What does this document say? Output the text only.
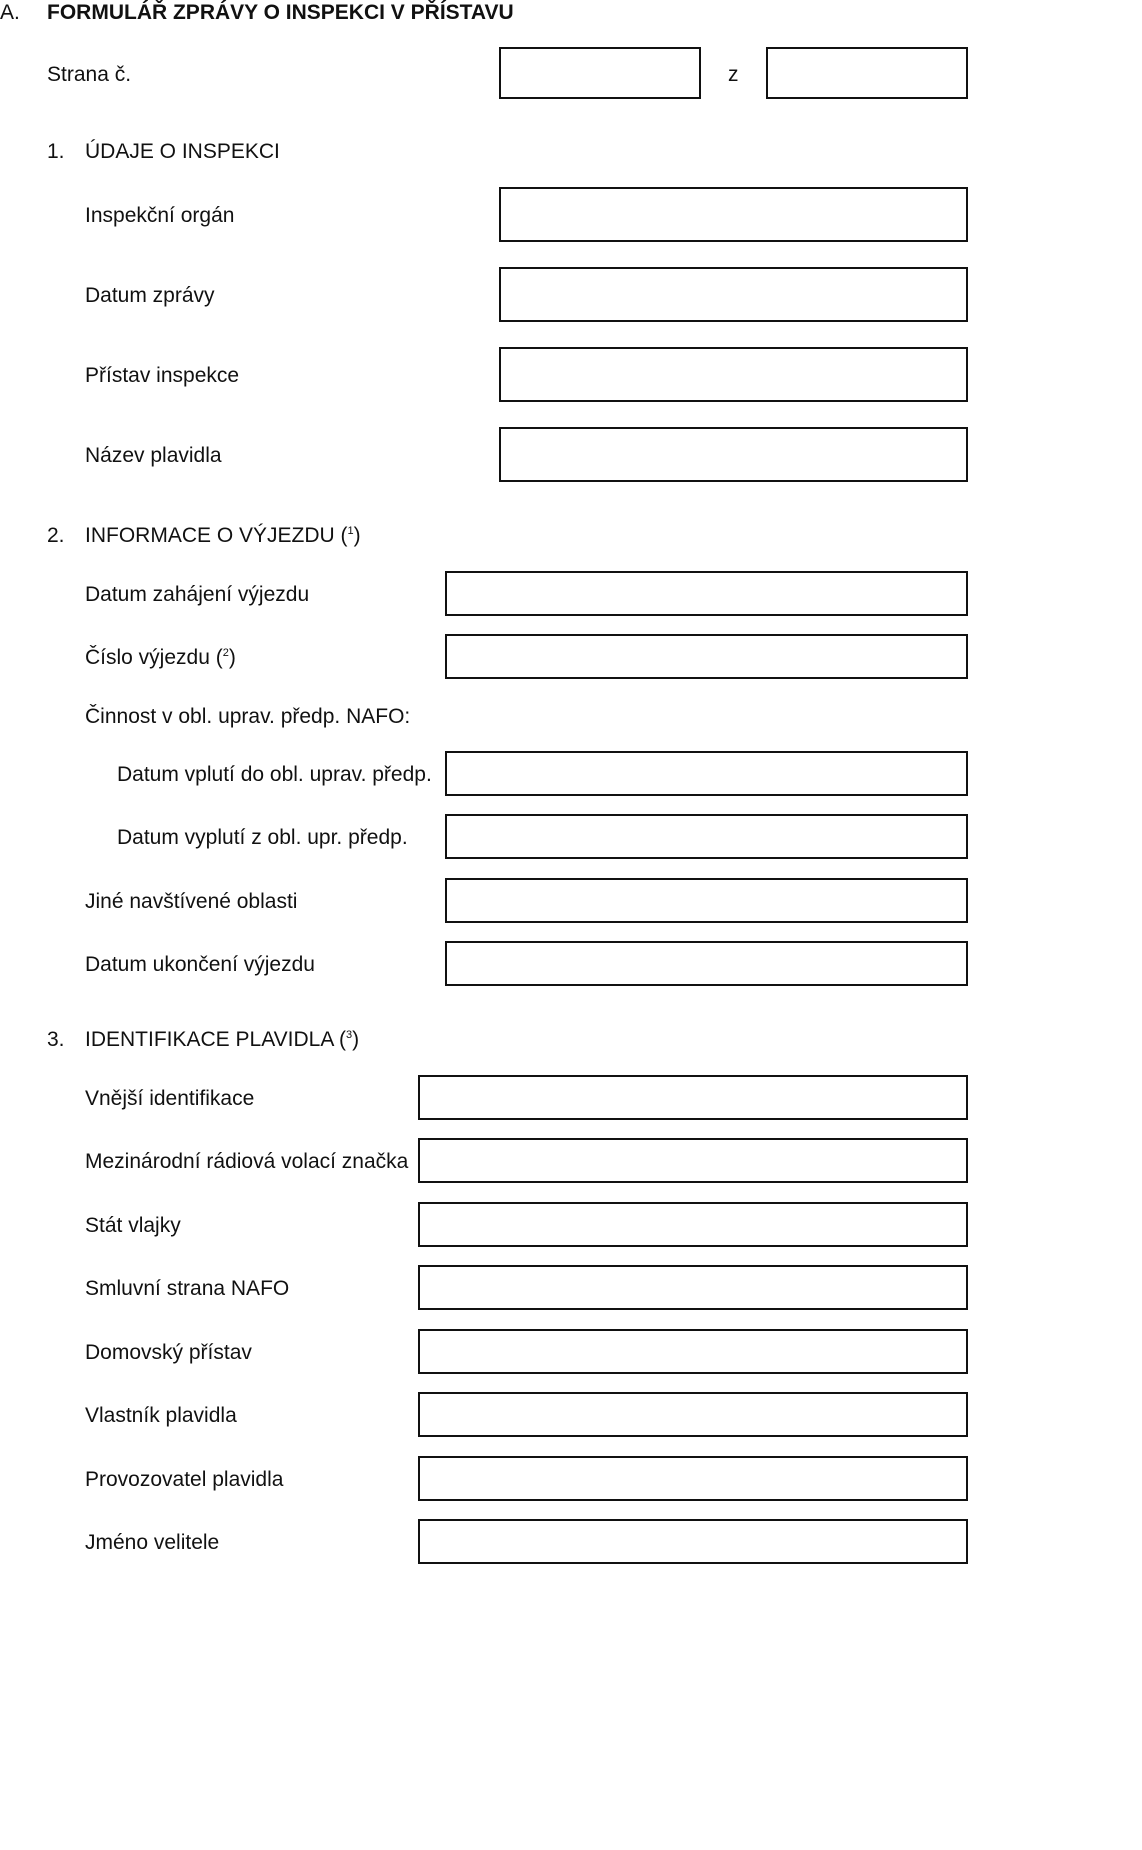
A. FORMULÁŘ ZPRÁVY O INSPEKCI V PŘÍSTAVU
Strana č.	z
1. ÚDAJE O INSPEKCI
Inspekční orgán
Datum zprávy
Přístav inspekce
Název plavidla
2. INFORMACE O VÝJEZDU ($^1$)
Datum zahájení výjezdu
Číslo výjezdu ($^2$)
Činnost v obl. uprav. předp. NAFO:
Datum vplutí do obl. uprav. předp.
Datum vyplutí z obl. upr. předp.
Jiné navštívené oblasti
Datum ukončení výjezdu
3. IDENTIFIKACE PLAVIDLA ($^3$)
Vnější identifikace
Mezinárodní rádiová volací značka
Stát vlajky
Smluvní strana NAFO
Domovský přístav
Vlastník plavidla
Provozovatel plavidla
Jméno velitele
